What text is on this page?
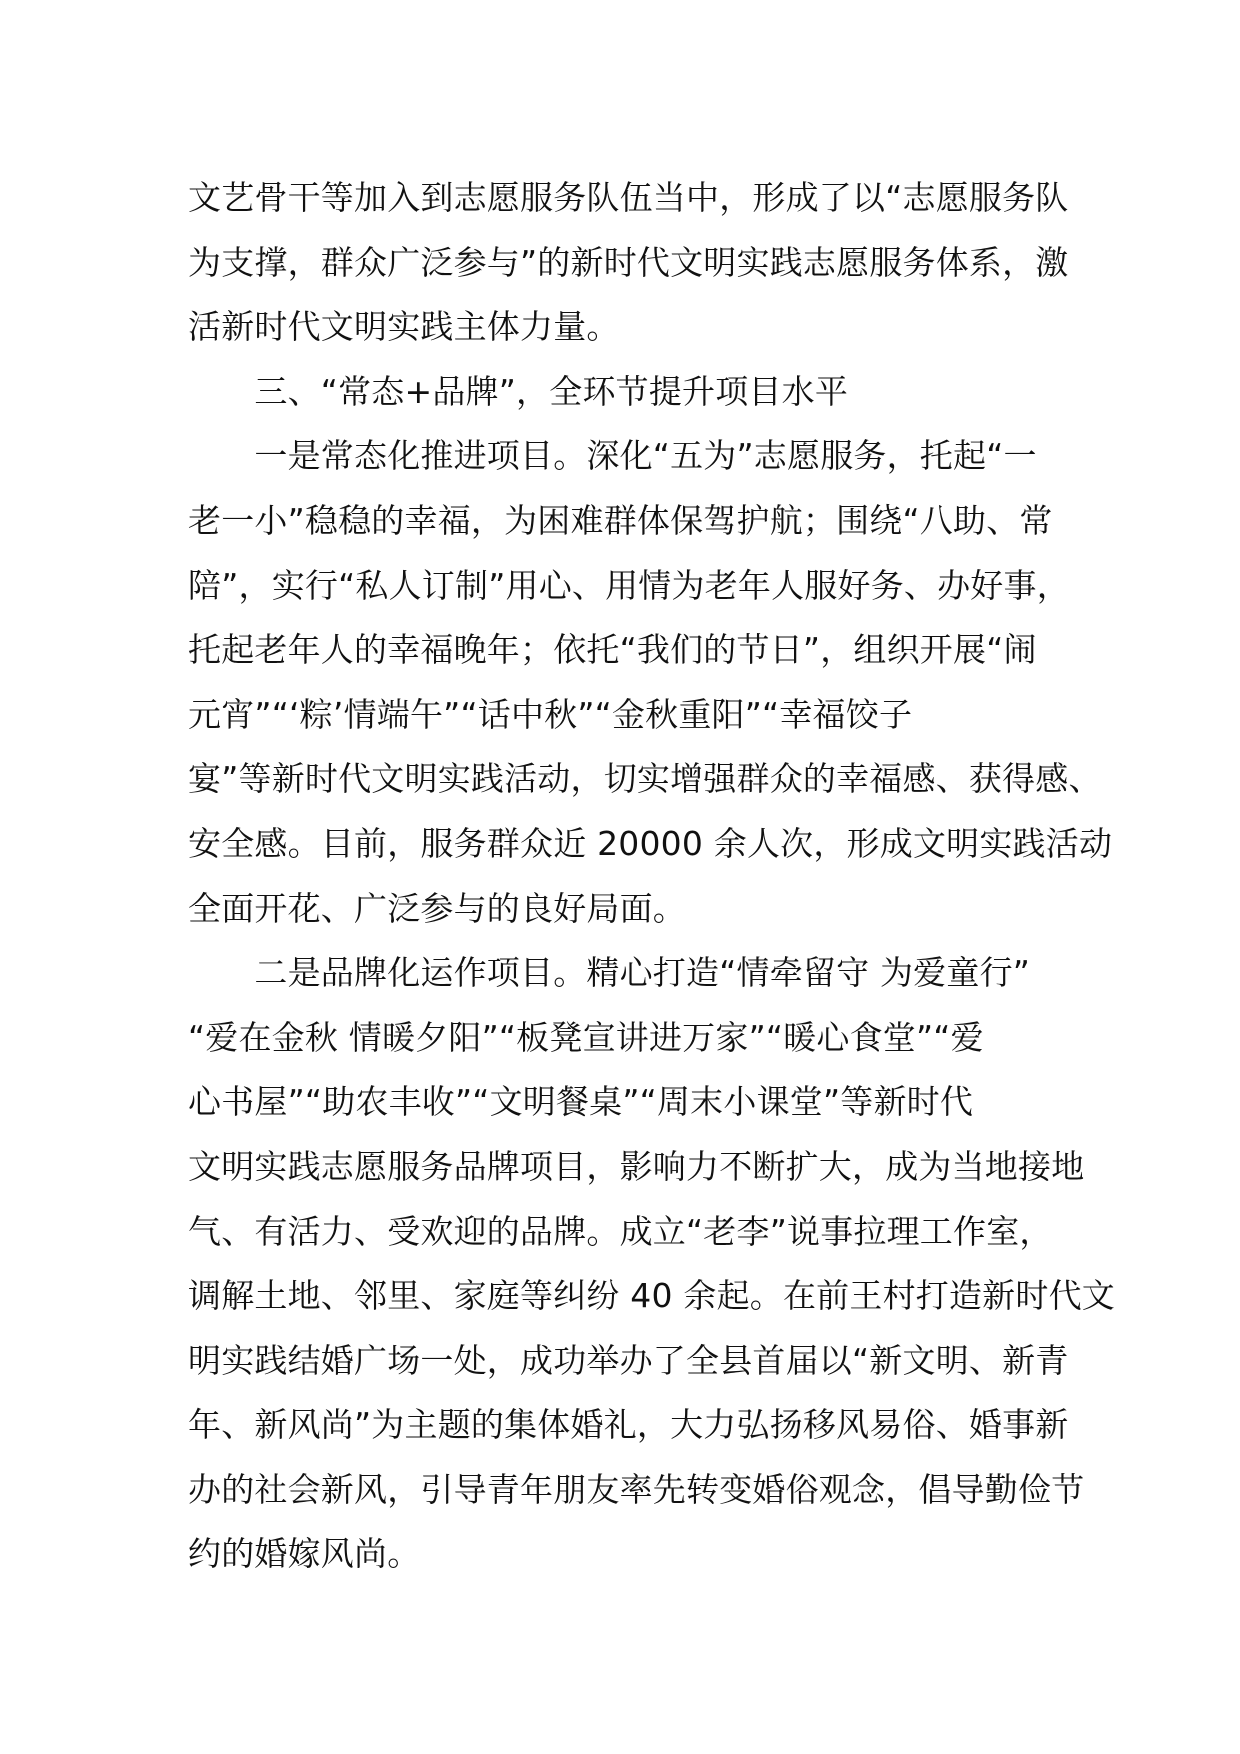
文艺骨干等加入到志愿服务队伍当中，形成了以“志愿服务队
为支撑，群众广泛参与”的新时代文明实践志愿服务体系，激
活新时代文明实践主体力量。

　　三、“常态+品牌”，全环节提升项目水平

　　一是常态化推进项目。深化“五为”志愿服务，托起“一
老一小”稳稳的幸福，为困难群体保驾护航；围绕“八助、常
陪”，实行“私人订制”用心、用情为老年人服好务、办好事，
托起老年人的幸福晚年；依托“我们的节日”，组织开展“闹
元宵”“‘粽’情端午”“话中秋”“金秋重阳”“幸福饺子
宴”等新时代文明实践活动，切实增强群众的幸福感、获得感、
安全感。目前，服务群众近 20000 余人次，形成文明实践活动
全面开花、广泛参与的良好局面。

　　二是品牌化运作项目。精心打造“情牵留守 为爱童行”
“爱在金秋 情暖夕阳”“板凳宣讲进万家”“暖心食堂”“爱
心书屋”“助农丰收”“文明餐桌”“周末小课堂”等新时代
文明实践志愿服务品牌项目，影响力不断扩大，成为当地接地
气、有活力、受欢迎的品牌。成立“老李”说事拉理工作室，
调解土地、邻里、家庭等纠纷 40 余起。在前王村打造新时代文
明实践结婚广场一处，成功举办了全县首届以“新文明、新青
年、新风尚”为主题的集体婚礼，大力弘扬移风易俗、婚事新
办的社会新风，引导青年朋友率先转变婚俗观念，倡导勤俭节
约的婚嫁风尚。
